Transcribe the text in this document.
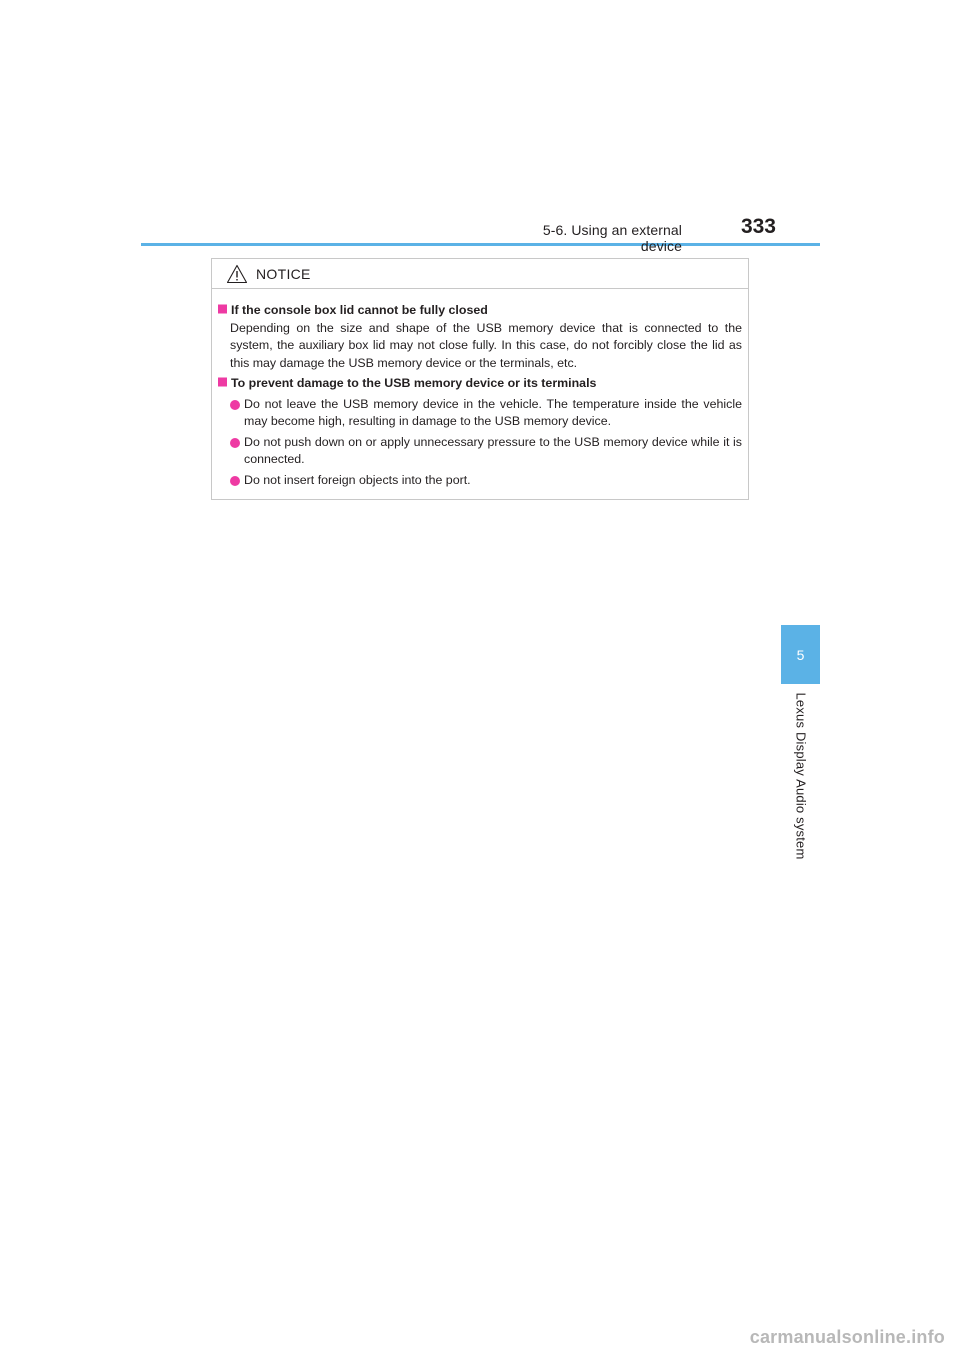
5-6. Using an external device
333
NOTICE
If the console box lid cannot be fully closed
Depending on the size and shape of the USB memory device that is connected to the system, the auxiliary box lid may not close fully. In this case, do not forcibly close the lid as this may damage the USB memory device or the terminals, etc.
To prevent damage to the USB memory device or its terminals
Do not leave the USB memory device in the vehicle. The temperature inside the vehicle may become high, resulting in damage to the USB memory device.
Do not push down on or apply unnecessary pressure to the USB memory device while it is connected.
Do not insert foreign objects into the port.
5
Lexus Display Audio system
carmanualsonline.info
